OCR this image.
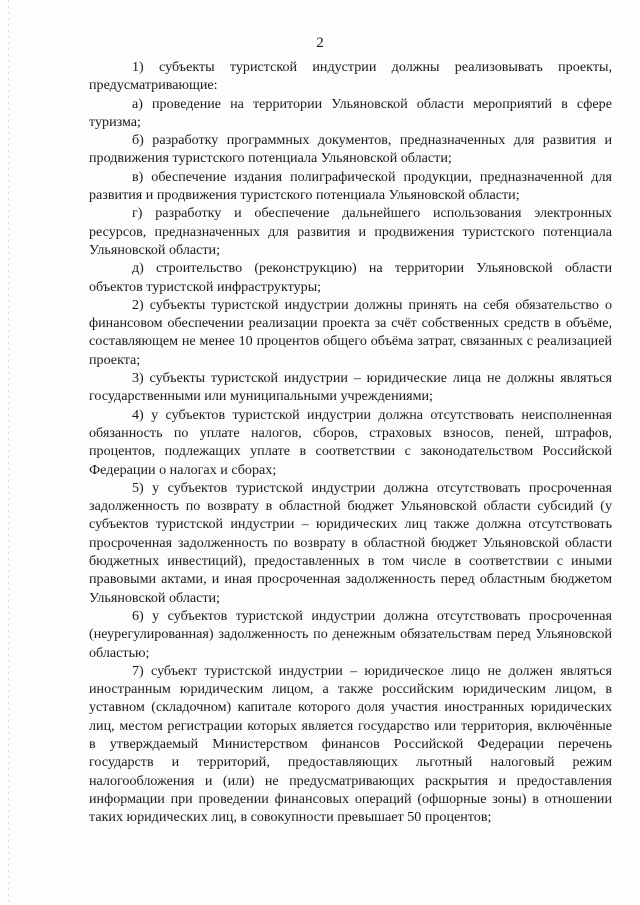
2

1) субъекты туристской индустрии должны реализовывать проекты, предусматривающие:

а) проведение на территории Ульяновской области мероприятий в сфере туризма;

б) разработку программных документов, предназначенных для развития и продвижения туристского потенциала Ульяновской области;

в) обеспечение издания полиграфической продукции, предназначенной для развития и продвижения туристского потенциала Ульяновской области;

г) разработку и обеспечение дальнейшего использования электронных ресурсов, предназначенных для развития и продвижения туристского потенциала Ульяновской области;

д) строительство (реконструкцию) на территории Ульяновской области объектов туристской инфраструктуры;

2) субъекты туристской индустрии должны принять на себя обязательство о финансовом обеспечении реализации проекта за счёт собственных средств в объёме, составляющем не менее 10 процентов общего объёма затрат, связанных с реализацией проекта;

3) субъекты туристской индустрии – юридические лица не должны являться государственными или муниципальными учреждениями;

4) у субъектов туристской индустрии должна отсутствовать неисполненная обязанность по уплате налогов, сборов, страховых взносов, пеней, штрафов, процентов, подлежащих уплате в соответствии с законодательством Российской Федерации о налогах и сборах;

5) у субъектов туристской индустрии должна отсутствовать просроченная задолженность по возврату в областной бюджет Ульяновской области субсидий (у субъектов туристской индустрии – юридических лиц также должна отсутствовать просроченная задолженность по возврату в областной бюджет Ульяновской области бюджетных инвестиций), предоставленных в том числе в соответствии с иными правовыми актами, и иная просроченная задолженность перед областным бюджетом Ульяновской области;

6) у субъектов туристской индустрии должна отсутствовать просроченная (неурегулированная) задолженность по денежным обязательствам перед Ульяновской областью;

7) субъект туристской индустрии – юридическое лицо не должен являться иностранным юридическим лицом, а также российским юридическим лицом, в уставном (складочном) капитале которого доля участия иностранных юридических лиц, местом регистрации которых является государство или территория, включённые в утверждаемый Министерством финансов Российской Федерации перечень государств и территорий, предоставляющих льготный налоговый режим налогообложения и (или) не предусматривающих раскрытия и предоставления информации при проведении финансовых операций (офшорные зоны) в отношении таких юридических лиц, в совокупности превышает 50 процентов;
